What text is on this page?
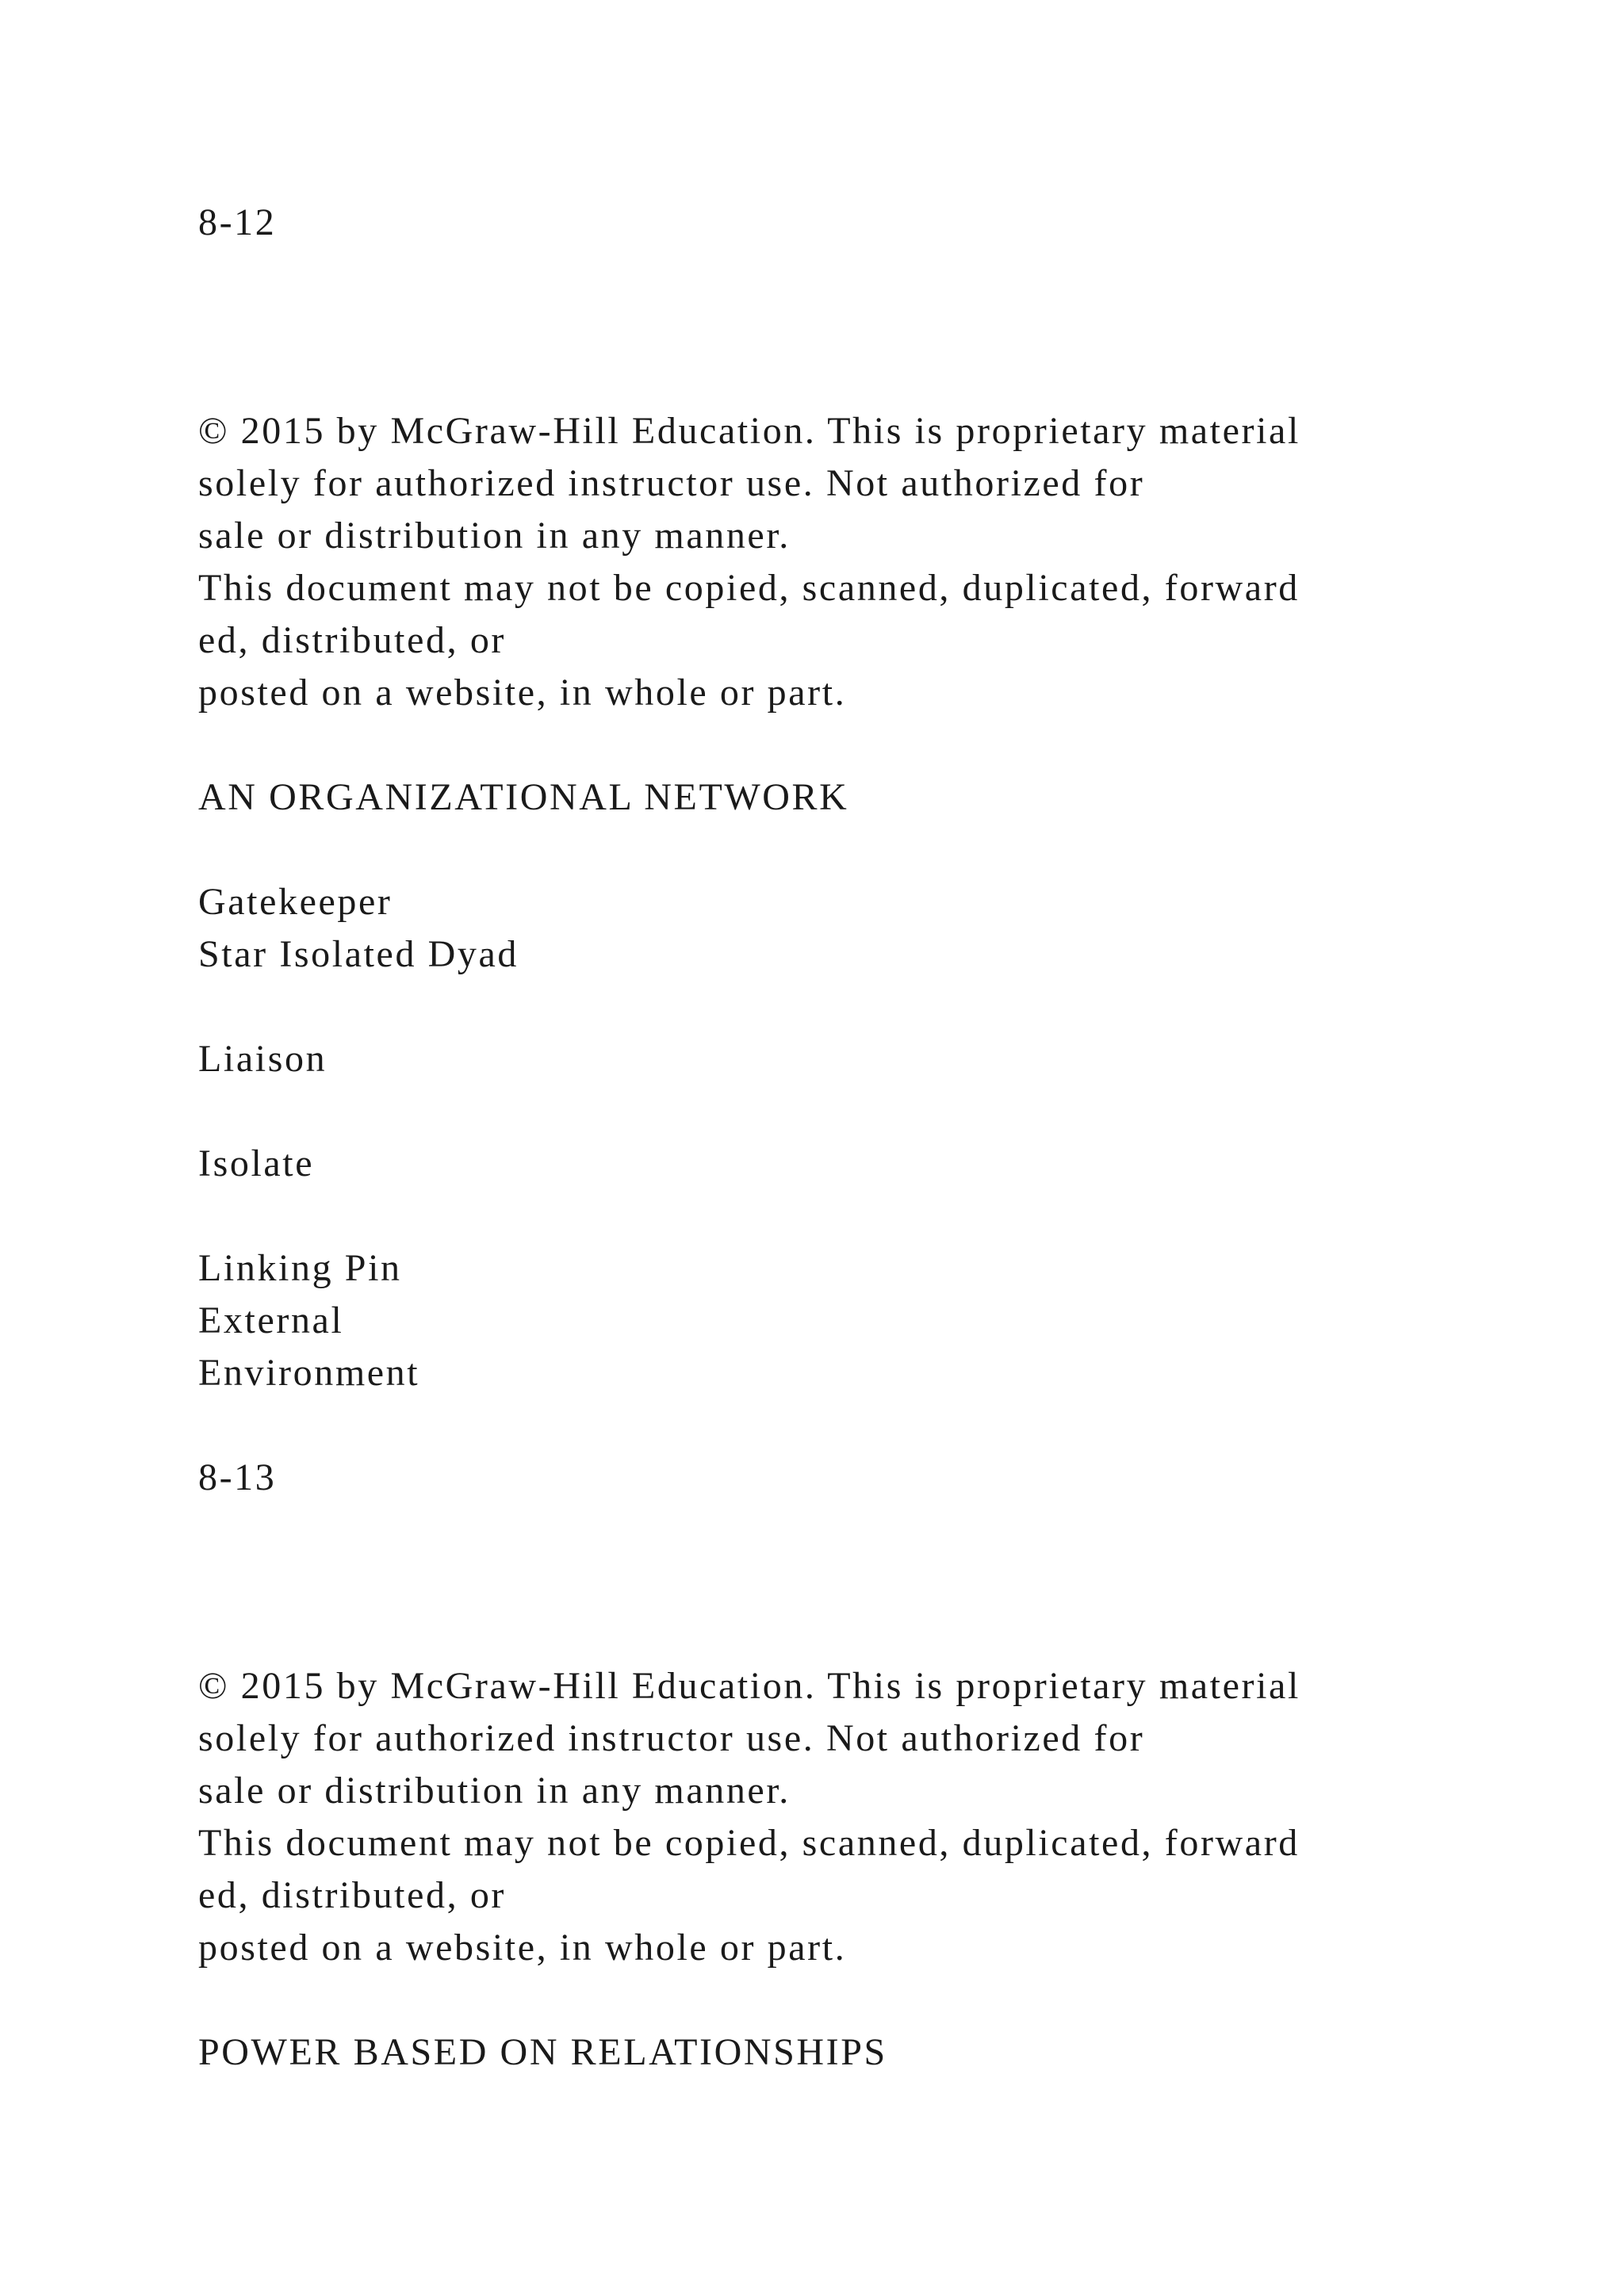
8-12
© 2015 by McGraw-Hill Education. This is proprietary material
solely for authorized instructor use. Not authorized for
sale or distribution in any manner.
This document may not be copied, scanned, duplicated, forward
ed, distributed, or
posted on a website, in whole or part.
AN ORGANIZATIONAL NETWORK
Gatekeeper
Star Isolated Dyad
Liaison
Isolate
Linking Pin
External
Environment
8-13
© 2015 by McGraw-Hill Education. This is proprietary material
solely for authorized instructor use. Not authorized for
sale or distribution in any manner.
This document may not be copied, scanned, duplicated, forward
ed, distributed, or
posted on a website, in whole or part.
POWER BASED ON RELATIONSHIPS
